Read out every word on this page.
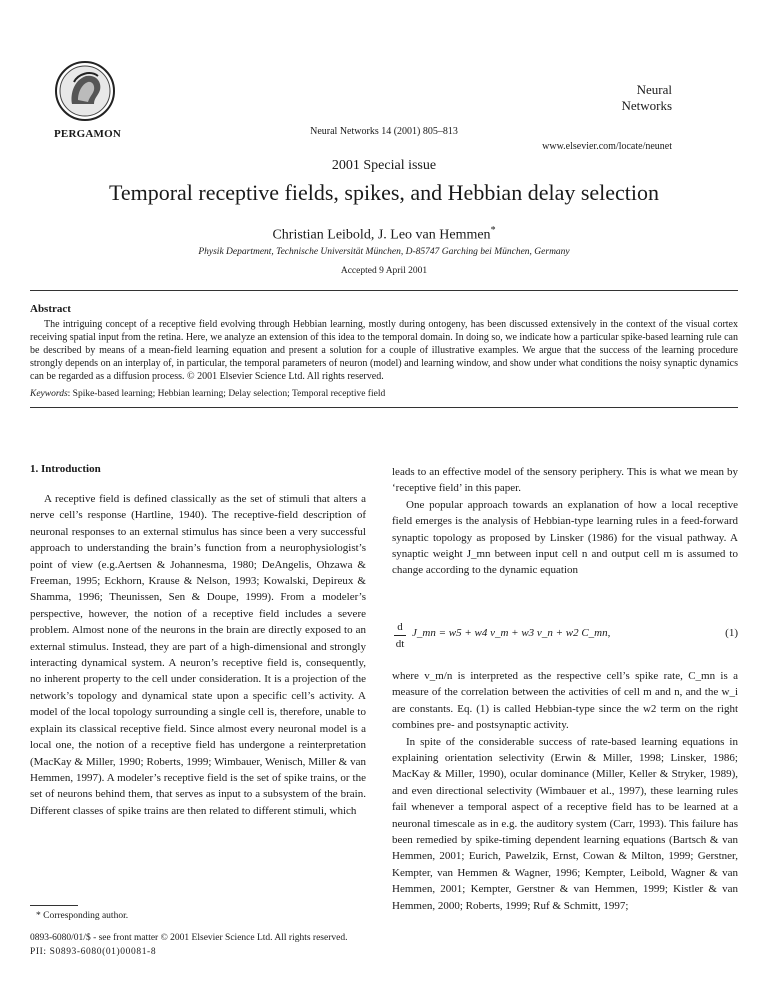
PERGAMON
Neural
Networks
Neural Networks 14 (2001) 805–813
www.elsevier.com/locate/neunet
2001 Special issue
Temporal receptive fields, spikes, and Hebbian delay selection
Christian Leibold, J. Leo van Hemmen*
Physik Department, Technische Universität München, D-85747 Garching bei München, Germany
Accepted 9 April 2001
Abstract
The intriguing concept of a receptive field evolving through Hebbian learning, mostly during ontogeny, has been discussed extensively in the context of the visual cortex receiving spatial input from the retina. Here, we analyze an extension of this idea to the temporal domain. In doing so, we indicate how a particular spike-based learning rule can be described by means of a mean-field learning equation and present a solution for a couple of illustrative examples. We argue that the success of the learning procedure strongly depends on an interplay of, in particular, the temporal parameters of neuron (model) and learning window, and show under what conditions the noisy synaptic dynamics can be regarded as a diffusion process. © 2001 Elsevier Science Ltd. All rights reserved.
Keywords: Spike-based learning; Hebbian learning; Delay selection; Temporal receptive field
1. Introduction
A receptive field is defined classically as the set of stimuli that alters a nerve cell’s response (Hartline, 1940). The receptive-field description of neuronal responses to an external stimulus has since been a very successful approach to understanding the brain’s function from a neurophysiologist’s point of view (e.g.Aertsen & Johannesma, 1980; DeAngelis, Ohzawa & Freeman, 1995; Eckhorn, Krause & Nelson, 1993; Kowalski, Depireux & Shamma, 1996; Theunissen, Sen & Doupe, 1999). From a modeler’s perspective, however, the notion of a receptive field includes a severe problem. Almost none of the neurons in the brain are directly exposed to an external stimulus. Instead, they are part of a high-dimensional and strongly interacting dynamical system. A neuron’s receptive field is, consequently, no inherent property to the cell under consideration. It is a projection of the network’s topology and dynamical state upon a specific cell’s activity. A model of the local topology surrounding a single cell is, therefore, unable to explain its classical receptive field. Since almost every neuronal model is a local one, the notion of a receptive field has undergone a reinterpretation (MacKay & Miller, 1990; Roberts, 1999; Wimbauer, Wenisch, Miller & van Hemmen, 1997). A modeler’s receptive field is the set of spike trains, or the set of neurons behind them, that serves as input to a subsystem of the brain. Different classes of spike trains are then related to different stimuli, which

leads to an effective model of the sensory periphery. This is what we mean by ‘receptive field’ in this paper.

One popular approach towards an explanation of how a local receptive field emerges is the analysis of Hebbian-type learning rules in a feed-forward synaptic topology as proposed by Linsker (1986) for the visual pathway. A synaptic weight J_mn between input cell n and output cell m is assumed to change according to the dynamic equation

d
dt
J_mn = w5 + w4 v_m + w3 v_n + w2 C_mn,	(1)

where v_m/n is interpreted as the respective cell’s spike rate, C_mn is a measure of the correlation between the activities of cell m and n, and the w_i are constants. Eq. (1) is called Hebbian-type since the w2 term on the right combines pre- and postsynaptic activity.

In spite of the considerable success of rate-based learning equations in explaining orientation selectivity (Erwin & Miller, 1998; Linsker, 1986; MacKay & Miller, 1990), ocular dominance (Miller, Keller & Stryker, 1989), and even directional selectivity (Wimbauer et al., 1997), these learning rules fail whenever a temporal aspect of a receptive field has to be learned at a neuronal timescale as in e.g. the auditory system (Carr, 1993). This failure has been remedied by spike-timing dependent learning equations (Bartsch & van Hemmen, 2001; Eurich, Pawelzik, Ernst, Cowan & Milton, 1999; Gerstner, Kempter, van Hemmen & Wagner, 1996; Kempter, Leibold, Wagner & van Hemmen, 2001; Kempter, Gerstner & van Hemmen, 1999; Kistler & van Hemmen, 2000; Roberts, 1999; Ruf & Schmitt, 1997;

* Corresponding author.
0893-6080/01/$ - see front matter © 2001 Elsevier Science Ltd. All rights reserved.
PII: S0893-6080(01)00081-8
